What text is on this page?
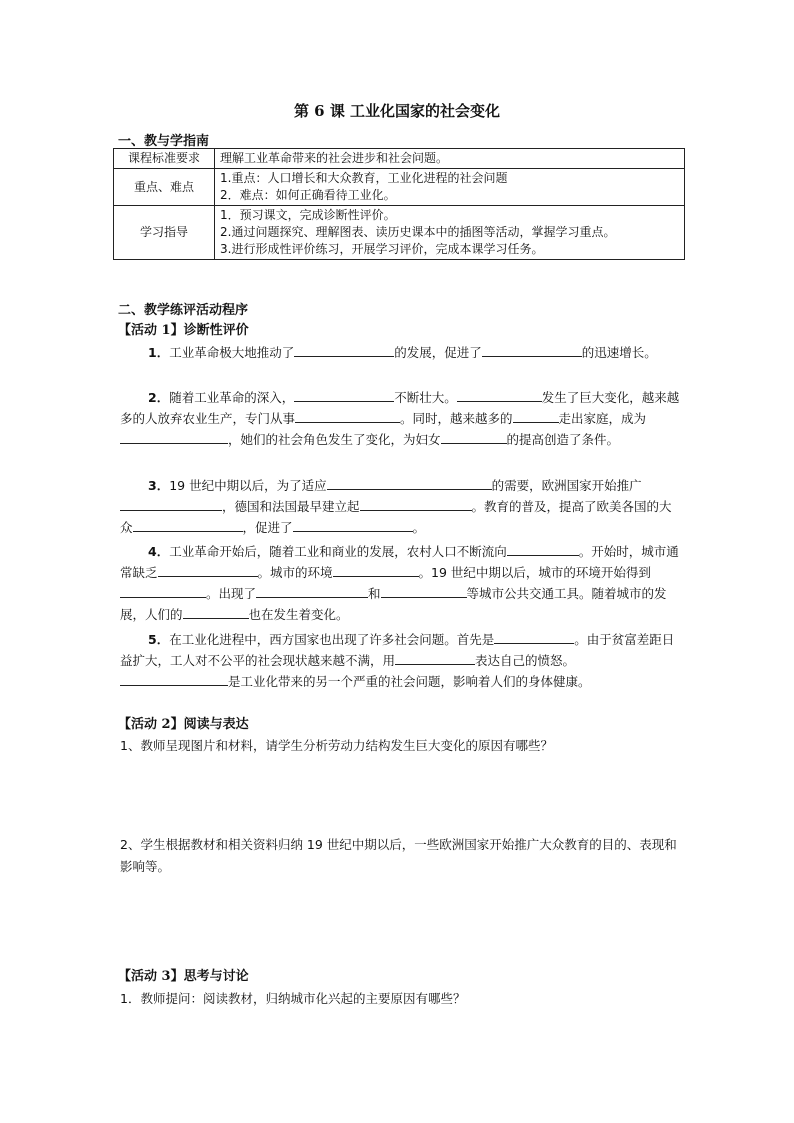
第 6 课 工业化国家的社会变化
一、教与学指南
课程标准要求	理解工业革命带来的社会进步和社会问题。
重点、难点	1.重点：人口增长和大众教育，工业化进程的社会问题
2．难点：如何正确看待工业化。

学习指导	1．预习课文，完成诊断性评价。
2.通过问题探究、理解图表、读历史课本中的插图等活动，掌握学习重点。
3.进行形成性评价练习，开展学习评价，完成本课学习任务。
二、教学练评活动程序
【活动 1】诊断性评价

1．工业革命极大地推动了	的发展，促进了	的迅速增长。

2．随着工业革命的深入，	不断壮大。	发生了巨大变化，越来越多的人放弃农业生产，专门从事	。同时，越来越多的	走出家庭，成为，她们的社会角色发生了变化，为妇女	的提高创造了条件。

3．19 世纪中期以后，为了适应	的需要，欧洲国家开始推广，德国和法国最早建立起	。教育的普及，提高了欧美各国的大众	，促进了	。

4．工业革命开始后，随着工业和商业的发展，农村人口不断流向	。开始时，城市通常缺乏	。城市的环境	。19 世纪中期以后，城市的环境开始得到。出现了	和	等城市公共交通工具。随着城市的发展，人们的	也在发生着变化。

5．在工业化进程中，西方国家也出现了许多社会问题。首先是	。由于贫富差距日益扩大，工人对不公平的社会现状越来越不满，用	表达自己的愤怒。是工业化带来的另一个严重的社会问题，影响着人们的身体健康。

【活动 2】阅读与表达

1、教师呈现图片和材料，请学生分析劳动力结构发生巨大变化的原因有哪些？

2、学生根据教材和相关资料归纳 19 世纪中期以后，一些欧洲国家开始推广大众教育的目的、表现和影响等。

【活动 3】思考与讨论

1．教师提问：阅读教材，归纳城市化兴起的主要原因有哪些？
